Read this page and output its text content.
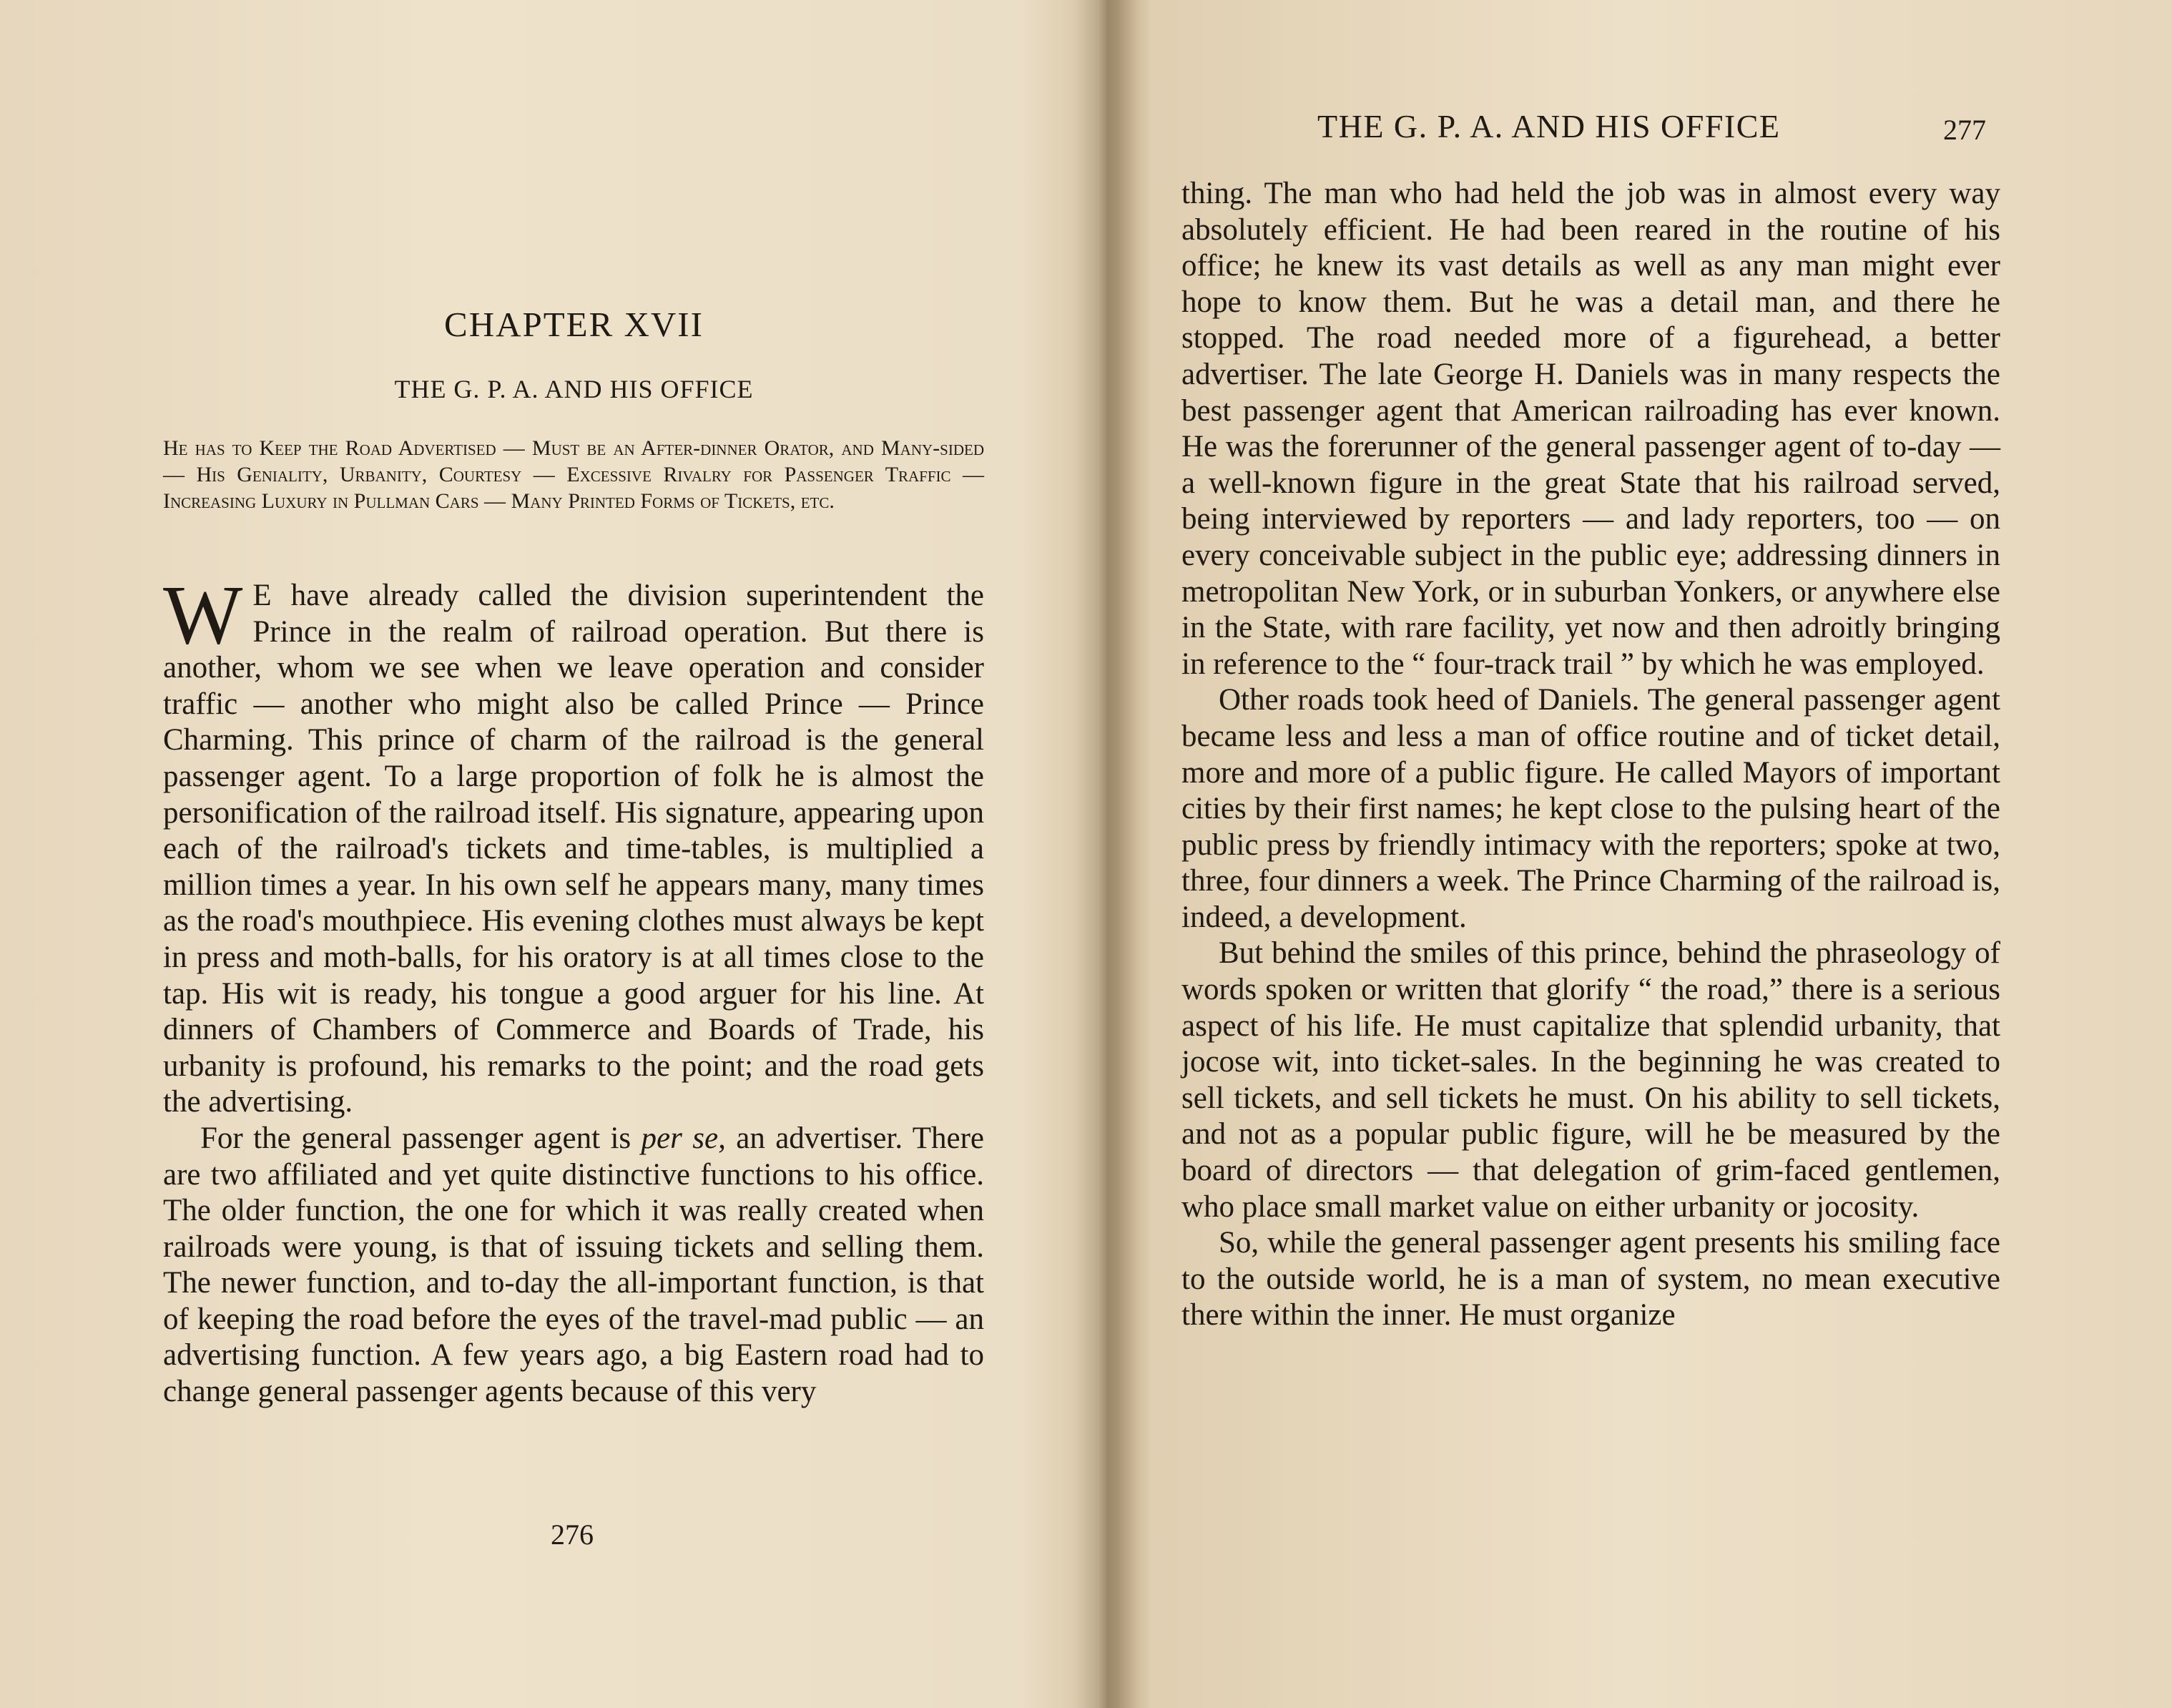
CHAPTER XVII
THE G. P. A. AND HIS OFFICE

He has to Keep the Road Advertised — Must be an After-dinner Orator, and Many-sided — His Geniality, Urbanity, Courtesy — Excessive Rivalry for Passenger Traffic — Increasing Luxury in Pullman Cars — Many Printed Forms of Tickets, etc.

W E have already called the division superintendent the Prince in the realm of railroad operation. But there is another, whom we see when we leave operation and consider traffic — another who might also be called Prince — Prince Charming. This prince of charm of the railroad is the general passenger agent. To a large proportion of folk he is almost the personification of the railroad itself. His signature, appearing upon each of the railroad's tickets and time-tables, is multiplied a million times a year. In his own self he appears many, many times as the road's mouthpiece. His evening clothes must always be kept in press and moth-balls, for his oratory is at all times close to the tap. His wit is ready, his tongue a good arguer for his line. At dinners of Chambers of Commerce and Boards of Trade, his urbanity is profound, his remarks to the point; and the road gets the advertising.

For the general passenger agent is per se, an advertiser. There are two affiliated and yet quite distinctive functions to his office. The older function, the one for which it was really created when railroads were young, is that of issuing tickets and selling them. The newer function, and to-day the all-important function, is that of keeping the road before the eyes of the travel-mad public — an advertising function. A few years ago, a big Eastern road had to change general passenger agents because of this very

276
THE G. P. A. AND HIS OFFICE	277

thing. The man who had held the job was in almost every way absolutely efficient. He had been reared in the routine of his office; he knew its vast details as well as any man might ever hope to know them. But he was a detail man, and there he stopped. The road needed more of a figurehead, a better advertiser. The late George H. Daniels was in many respects the best passenger agent that American railroading has ever known. He was the forerunner of the general passenger agent of to-day — a well-known figure in the great State that his railroad served, being interviewed by reporters — and lady reporters, too — on every conceivable subject in the public eye; addressing dinners in metropolitan New York, or in suburban Yonkers, or anywhere else in the State, with rare facility, yet now and then adroitly bringing in reference to the “ four-track trail ” by which he was employed.

Other roads took heed of Daniels. The general passenger agent became less and less a man of office routine and of ticket detail, more and more of a public figure. He called Mayors of important cities by their first names; he kept close to the pulsing heart of the public press by friendly intimacy with the reporters; spoke at two, three, four dinners a week. The Prince Charming of the railroad is, indeed, a development.

But behind the smiles of this prince, behind the phraseology of words spoken or written that glorify “ the road,” there is a serious aspect of his life. He must capitalize that splendid urbanity, that jocose wit, into ticket-sales. In the beginning he was created to sell tickets, and sell tickets he must. On his ability to sell tickets, and not as a popular public figure, will he be measured by the board of directors — that delegation of grim-faced gentlemen, who place small market value on either urbanity or jocosity.

So, while the general passenger agent presents his smiling face to the outside world, he is a man of system, no mean executive there within the inner. He must organize
